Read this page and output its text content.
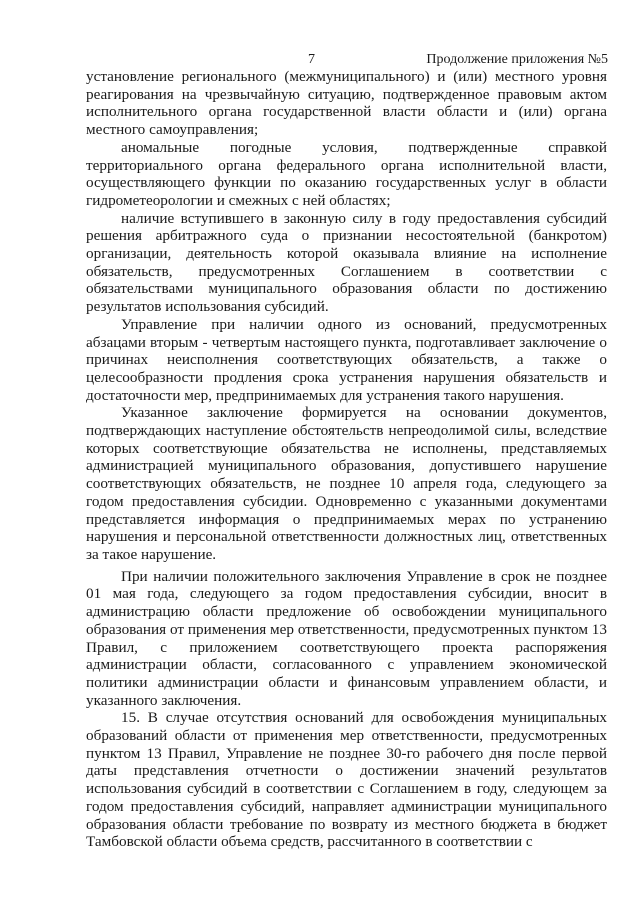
7	Продолжение приложения №5

установление регионального (межмуниципального) и (или) местного уровня реагирования на чрезвычайную ситуацию, подтвержденное правовым актом исполнительного органа государственной власти области и (или) органа местного самоуправления;

аномальные погодные условия, подтвержденные справкой территориального органа федерального органа исполнительной власти, осуществляющего функции по оказанию государственных услуг в области гидрометеорологии и смежных с ней областях;

наличие вступившего в законную силу в году предоставления субсидий решения арбитражного суда о признании несостоятельной (банкротом) организации, деятельность которой оказывала влияние на исполнение обязательств, предусмотренных Соглашением в соответствии с обязательствами муниципального образования области по достижению результатов использования субсидий.

Управление при наличии одного из оснований, предусмотренных абзацами вторым - четвертым настоящего пункта, подготавливает заключение о причинах неисполнения соответствующих обязательств, а также о целесообразности продления срока устранения нарушения обязательств и достаточности мер, предпринимаемых для устранения такого нарушения.

Указанное заключение формируется на основании документов, подтверждающих наступление обстоятельств непреодолимой силы, вследствие которых соответствующие обязательства не исполнены, представляемых администрацией муниципального образования, допустившего нарушение соответствующих обязательств, не позднее 10 апреля года, следующего за годом предоставления субсидии. Одновременно с указанными документами представляется информация о предпринимаемых мерах по устранению нарушения и персональной ответственности должностных лиц, ответственных за такое нарушение.

При наличии положительного заключения Управление в срок не позднее 01 мая года, следующего за годом предоставления субсидии, вносит в администрацию области предложение об освобождении муниципального образования от применения мер ответственности, предусмотренных пунктом 13 Правил, с приложением соответствующего проекта распоряжения администрации области, согласованного с управлением экономической политики администрации области и финансовым управлением области, и указанного заключения.

15. В случае отсутствия оснований для освобождения муниципальных образований области от применения мер ответственности, предусмотренных пунктом 13 Правил, Управление не позднее 30-го рабочего дня после первой даты представления отчетности о достижении значений результатов использования субсидий в соответствии с Соглашением в году, следующем за годом предоставления субсидий, направляет администрации муниципального образования области требование по возврату из местного бюджета в бюджет Тамбовской области объема средств, рассчитанного в соответствии с
